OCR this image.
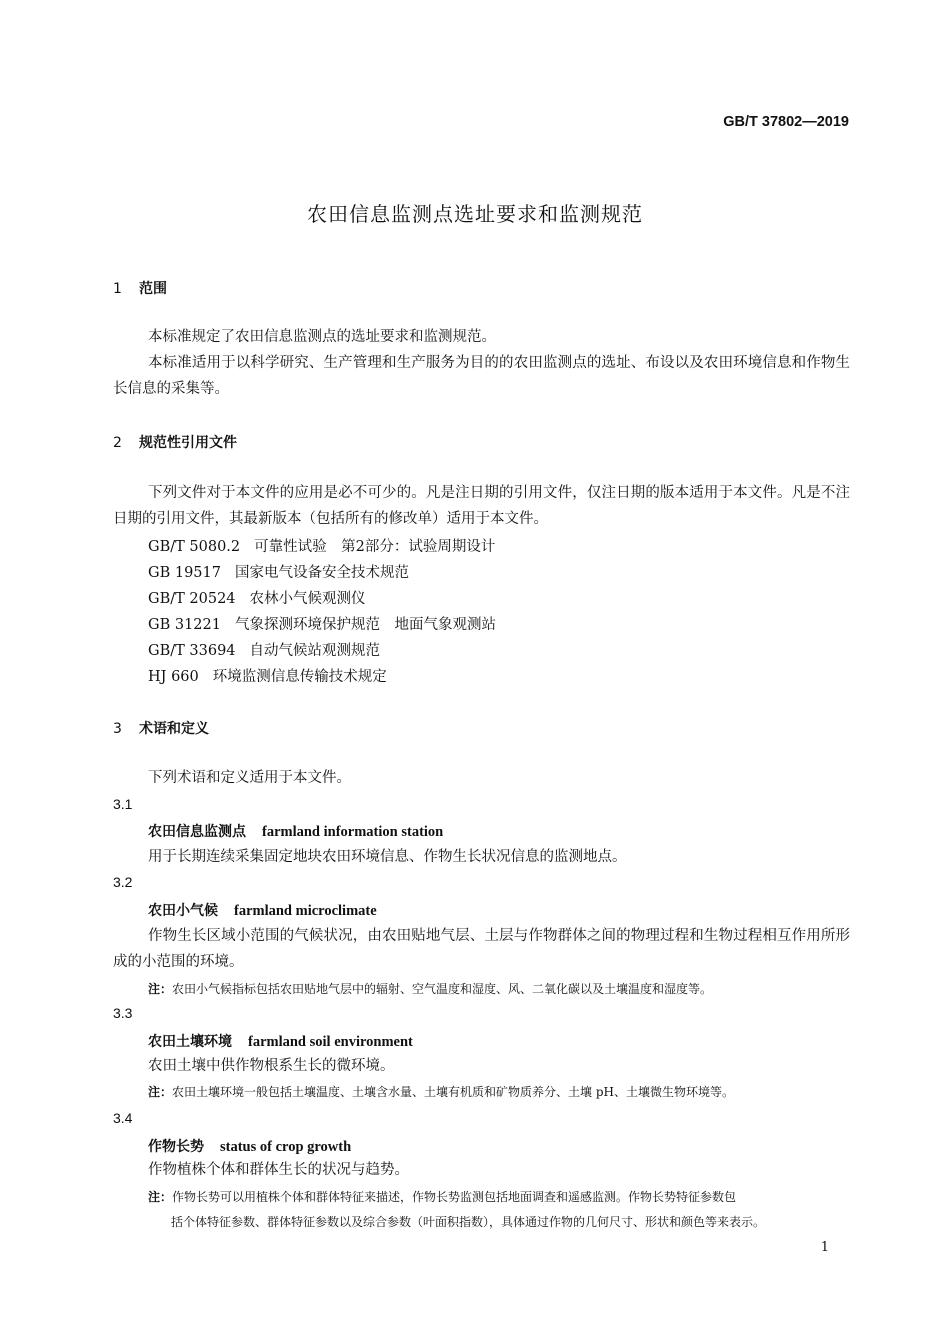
GB/T 37802—2019
农田信息监测点选址要求和监测规范
1 范围
本标准规定了农田信息监测点的选址要求和监测规范。
本标准适用于以科学研究、生产管理和生产服务为目的的农田监测点的选址、布设以及农田环境信息和作物生长信息的采集等。
2 规范性引用文件
下列文件对于本文件的应用是必不可少的。凡是注日期的引用文件，仅注日期的版本适用于本文件。凡是不注日期的引用文件，其最新版本（包括所有的修改单）适用于本文件。
GB/T 5080.2 可靠性试验　第2部分：试验周期设计
GB 19517 国家电气设备安全技术规范
GB/T 20524 农林小气候观测仪
GB 31221 气象探测环境保护规范　地面气象观测站
GB/T 33694 自动气候站观测规范
HJ 660 环境监测信息传输技术规定
3 术语和定义
下列术语和定义适用于本文件。
3.1
农田信息监测点 farmland information station
用于长期连续采集固定地块农田环境信息、作物生长状况信息的监测地点。
3.2
农田小气候 farmland microclimate
作物生长区域小范围的气候状况，由农田贴地气层、土层与作物群体之间的物理过程和生物过程相互作用所形成的小范围的环境。
注：农田小气候指标包括农田贴地气层中的辐射、空气温度和湿度、风、二氧化碳以及土壤温度和湿度等。
3.3
农田土壤环境 farmland soil environment
农田土壤中供作物根系生长的微环境。
注：农田土壤环境一般包括土壤温度、土壤含水量、土壤有机质和矿物质养分、土壤 pH、土壤微生物环境等。
3.4
作物长势 status of crop growth
作物植株个体和群体生长的状况与趋势。
注：作物长势可以用植株个体和群体特征来描述，作物长势监测包括地面调查和遥感监测。作物长势特征参数包
括个体特征参数、群体特征参数以及综合参数（叶面积指数），具体通过作物的几何尺寸、形状和颜色等来表示。
1
